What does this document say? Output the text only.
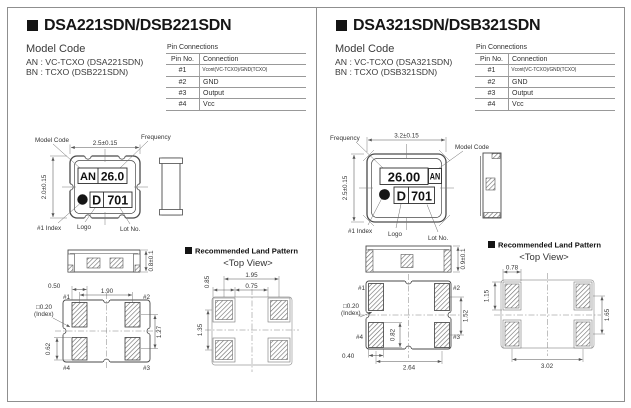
DSA221SDN/DSB221SDN
Model Code
AN : VC-TCXO (DSA221SDN)
BN : TCXO (DSB221SDN)
Pin Connections
Pin No.	Connection
#1	Vcont(VC-TCXO)/GND(TCXO)
#2	GND
#3	Output
#4	Vcc
2.5±0.15
2.0±0.15	AN 26.0
D 701
Model Code	Frequency
#1 Index	Logo	Lot No.
0.8±0.1
#1	#2
#4	#3
0.50
1.90
1.27
0.62
□0.20
(Index)
Recommended Land Pattern
<Top View>
1.95
0.75
0.85
1.35
DSA321SDN/DSB321SDN
Model Code
AN : VC-TCXO (DSA321SDN)
BN : TCXO (DSB321SDN)
Pin Connections
Pin No.	Connection
#1	Vcont(VC-TCXO)/GND(TCXO)
#2	GND
#3	Output
#4	Vcc
3.2±0.15
2.5±0.15	26.00 AN
D 701
Frequency
Model Code
#1 Index	Logo
Lot No.
0.9±0.1
#1	#2
#4	#3
□0.20
(Index)
0.82
1.52
0.40
2.64
Recommended Land Pattern
<Top View>
0.78
1.15
1.65
3.02
